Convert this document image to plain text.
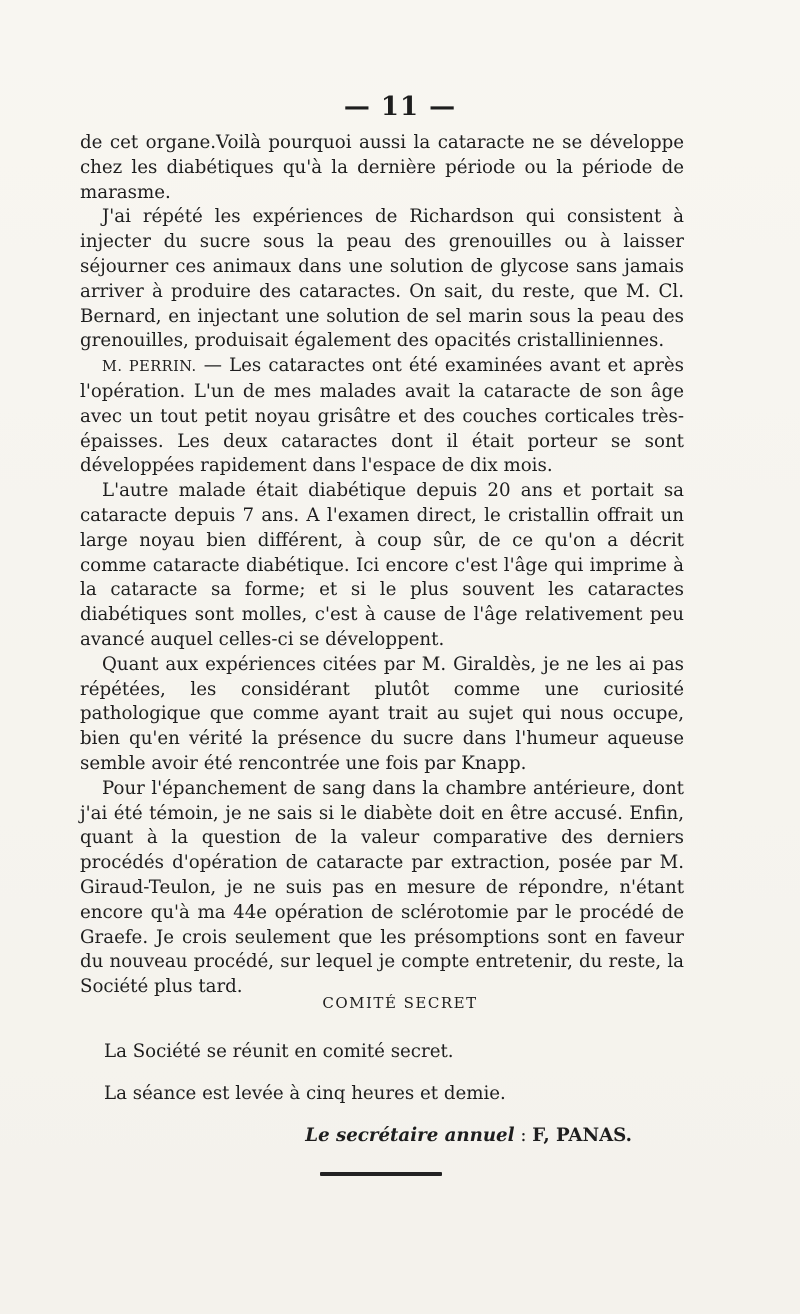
— 11 —

de cet organe.Voilà pourquoi aussi la cataracte ne se développe chez les diabétiques qu'à la dernière période ou la période de marasme.

J'ai répété les expériences de Richardson qui consistent à injecter du sucre sous la peau des grenouilles ou à laisser séjourner ces animaux dans une solution de glycose sans jamais arriver à produire des cataractes. On sait, du reste, que M. Cl. Bernard, en injectant une solution de sel marin sous la peau des grenouilles, produisait également des opacités cristalliniennes.

M. PERRIN. — Les cataractes ont été examinées avant et après l'opération. L'un de mes malades avait la cataracte de son âge avec un tout petit noyau grisâtre et des couches corticales très-épaisses. Les deux cataractes dont il était porteur se sont développées rapidement dans l'espace de dix mois.

L'autre malade était diabétique depuis 20 ans et portait sa cataracte depuis 7 ans. A l'examen direct, le cristallin offrait un large noyau bien différent, à coup sûr, de ce qu'on a décrit comme cataracte diabétique. Ici encore c'est l'âge qui imprime à la cataracte sa forme; et si le plus souvent les cataractes diabétiques sont molles, c'est à cause de l'âge relativement peu avancé auquel celles-ci se développent.

Quant aux expériences citées par M. Giraldès, je ne les ai pas répétées, les considérant plutôt comme une curiosité pathologique que comme ayant trait au sujet qui nous occupe, bien qu'en vérité la présence du sucre dans l'humeur aqueuse semble avoir été rencontrée une fois par Knapp.

Pour l'épanchement de sang dans la chambre antérieure, dont j'ai été témoin, je ne sais si le diabète doit en être accusé. Enfin, quant à la question de la valeur comparative des derniers procédés d'opération de cataracte par extraction, posée par M. Giraud-Teulon, je ne suis pas en mesure de répondre, n'étant encore qu'à ma 44e opération de sclérotomie par le procédé de Graefe. Je crois seulement que les présomptions sont en faveur du nouveau procédé, sur lequel je compte entretenir, du reste, la Société plus tard.

COMITÉ SECRET
La Société se réunit en comité secret.
La séance est levée à cinq heures et demie.
Le secrétaire annuel : F, PANAS.
